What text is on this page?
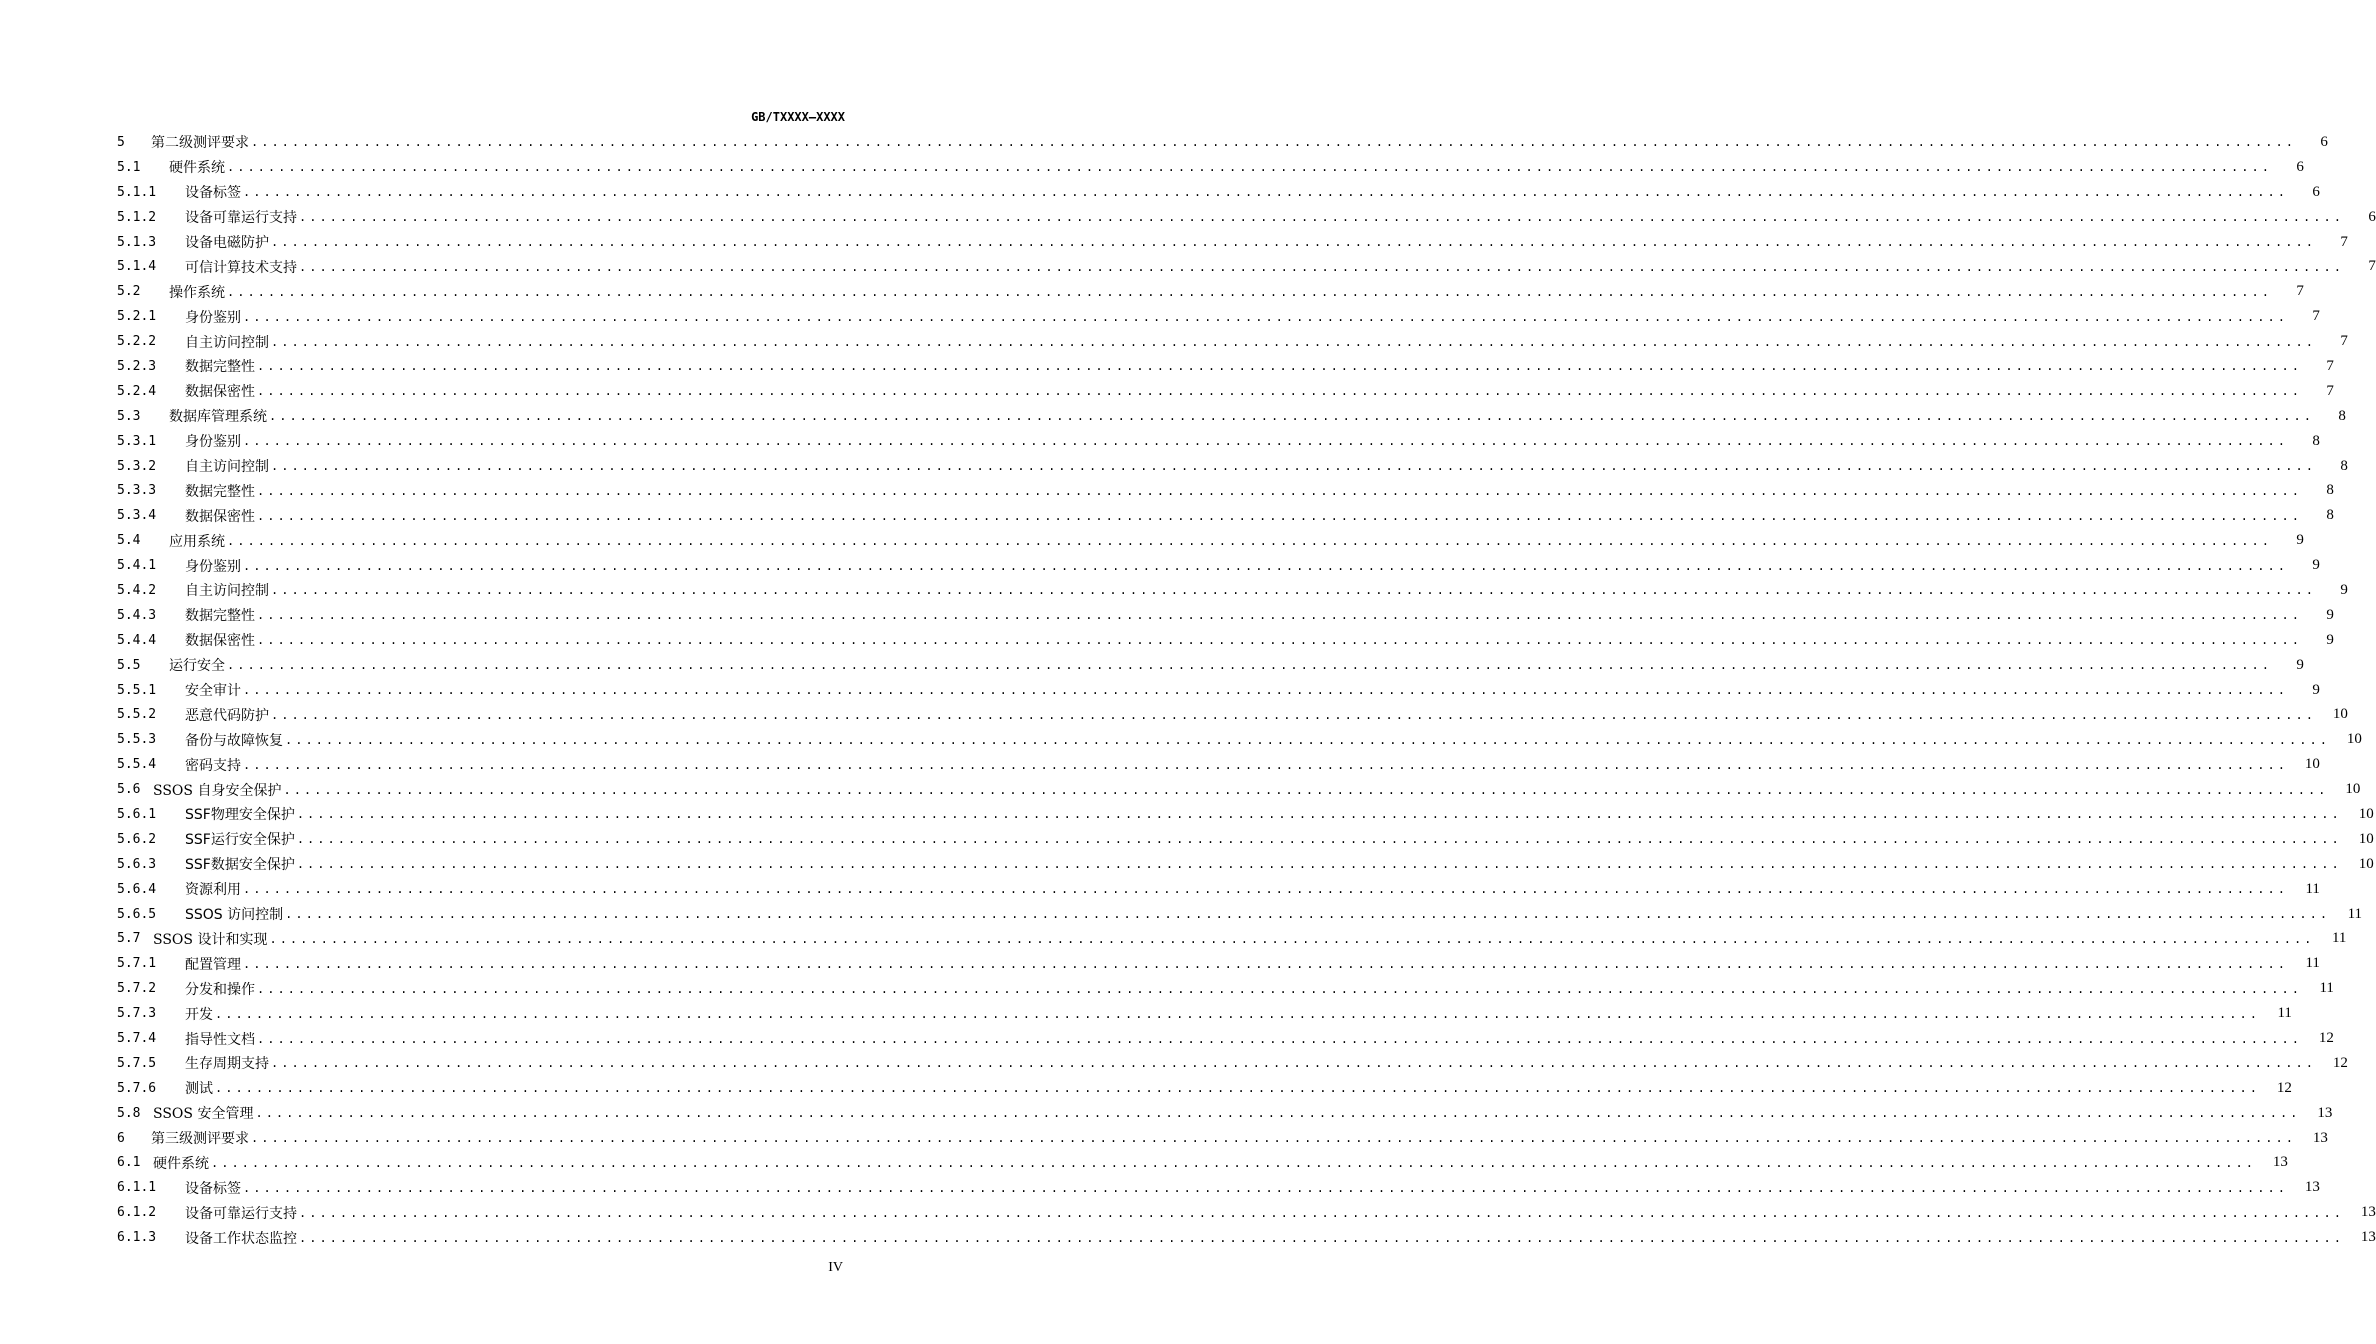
GB/TXXXX—XXXX
5	第二级测评要求 ........................................................................................................................................................................................................	6
5.1	硬件系统 ........................................................................................................................................................................................................	6
5.1.1	设备标签 ........................................................................................................................................................................................................	6
5.1.2	设备可靠运行支持 ........................................................................................................................................................................................................	6
5.1.3	设备电磁防护 ........................................................................................................................................................................................................	7
5.1.4	可信计算技术支持 ........................................................................................................................................................................................................	7
5.2	操作系统 ........................................................................................................................................................................................................	7
5.2.1	身份鉴别 ........................................................................................................................................................................................................	7
5.2.2	自主访问控制 ........................................................................................................................................................................................................	7
5.2.3	数据完整性 ........................................................................................................................................................................................................	7
5.2.4	数据保密性 ........................................................................................................................................................................................................	7
5.3	数据库管理系统 ........................................................................................................................................................................................................	8
5.3.1	身份鉴别 ........................................................................................................................................................................................................	8
5.3.2	自主访问控制 ........................................................................................................................................................................................................	8
5.3.3	数据完整性 ........................................................................................................................................................................................................	8
5.3.4	数据保密性 ........................................................................................................................................................................................................	8
5.4	应用系统 ........................................................................................................................................................................................................	9
5.4.1	身份鉴别 ........................................................................................................................................................................................................	9
5.4.2	自主访问控制 ........................................................................................................................................................................................................	9
5.4.3	数据完整性 ........................................................................................................................................................................................................	9
5.4.4	数据保密性 ........................................................................................................................................................................................................	9
5.5	运行安全 ........................................................................................................................................................................................................	9
5.5.1	安全审计 ........................................................................................................................................................................................................	9
5.5.2	恶意代码防护 ........................................................................................................................................................................................................	10
5.5.3	备份与故障恢复 ........................................................................................................................................................................................................	10
5.5.4	密码支持 ........................................................................................................................................................................................................	10
5.6 SSOS 自身安全保护 ........................................................................................................................................................................................................	10
5.6.1	SSF物理安全保护 ........................................................................................................................................................................................................	10
5.6.2	SSF运行安全保护 ........................................................................................................................................................................................................	10
5.6.3	SSF数据安全保护 ........................................................................................................................................................................................................	10
5.6.4	资源利用 ........................................................................................................................................................................................................	11
5.6.5	SSOS 访问控制 ........................................................................................................................................................................................................	11
5.7 SSOS 设计和实现 ........................................................................................................................................................................................................	11
5.7.1	配置管理 ........................................................................................................................................................................................................	11
5.7.2	分发和操作 ........................................................................................................................................................................................................	11
5.7.3	开发 ........................................................................................................................................................................................................	11
5.7.4	指导性文档 ........................................................................................................................................................................................................	12
5.7.5	生存周期支持 ........................................................................................................................................................................................................	12
5.7.6	测试 ........................................................................................................................................................................................................	12
5.8 SSOS 安全管理 ........................................................................................................................................................................................................	13
6	第三级测评要求 ........................................................................................................................................................................................................	13
6.1 硬件系统 ........................................................................................................................................................................................................	13
6.1.1	设备标签 ........................................................................................................................................................................................................	13
6.1.2	设备可靠运行支持 ........................................................................................................................................................................................................	13
6.1.3	设备工作状态监控 ........................................................................................................................................................................................................	13
IV
